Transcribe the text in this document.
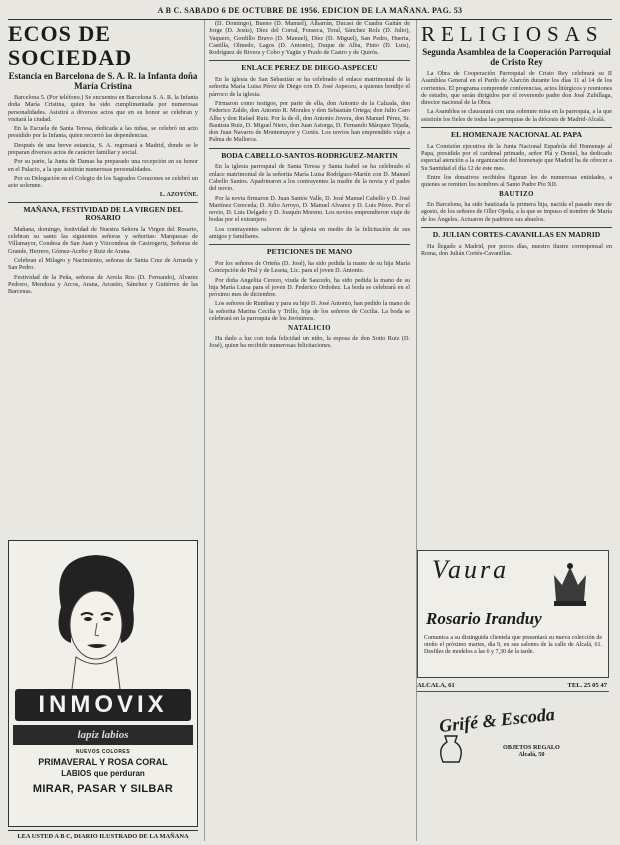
A B C. SABADO 6 DE OCTUBRE DE 1956. EDICION DE LA MAÑANA. PAG. 53
ECOS DE SOCIEDAD
Estancia en Barcelona de S. A. R. la Infanta doña María Cristina

Barcelona 5. (Por teléfono.) Se encuentra en Barcelona S. A. R. la Infanta doña María Cristina, quien ha sido cumplimentada por numerosas personalidades. Asistirá a diversos actos que en su honor se celebran y visitará la ciudad.

En la Escuela de Santa Teresa, dedicada a las niñas, se celebró un acto presidido por la Infanta, quien recorrió las dependencias.

Después de una breve estancia, S. A. regresará a Madrid, donde se le preparan diversos actos de carácter familiar y social.

Por su parte, la Junta de Damas ha preparado una recepción en su honor en el Palacio, a la que asistirán numerosas personalidades.

Por su Delegación en el Colegio de los Sagrados Corazones se celebró un acto solemne.

L. AZOYÚNE.
MAÑANA, FESTIVIDAD DE LA VIRGEN DEL ROSARIO

Mañana, domingo, festividad de Nuestra Señora la Virgen del Rosario, celebran su santo las siguientes señoras y señoritas: Marquesas de Villamayor, Condesa de San Juan y Vizcondesa de Castrogeriz, Señoras de Grande, Herrero, Gómez-Acebo y Ruiz de Arana.

Celebran el Milagro y Nacimiento, señoras de Santa Cruz de Arrueda y San Pedro.

Festividad de la Peña, señoras de Arrola Ros (D. Fernando), Alvarez Pedrero, Mendoza y Arcos, Arana, Arrastio, Sánchez y Gutiérrez de las Barcenas.

INMOVIX
lapiz labios
NUEVOS COLORES
PRIMAVERAL Y ROSA CORAL
LABIOS que perduran
MIRAR, PASAR Y SILBAR
LEA USTED A B C, DIARIO ILUSTRADO DE LA MAÑANA

(D. Domingo), Bueno (D. Manuel), Albarrán, Ducasi de Cuadra Gaitán de Jorge (D. Jesús), Díez del Corral, Fonseca, Toral, Sánchez Rolz (D. Julio), Vaquero, Gordillo Bravo (D. Manuel), Díez (D. Miguel), San Pedro, Huerta, Castilla, Olmedo, Lagos (D. Antonio), Duque de Alba, Pinto (D. Luis), Rodríguez de Rivera y Cobo y Yagüe y Prado de Castro y de Quirós.

ENLACE PEREZ DE DIEGO-ASPECEU

En la iglesia de San Sebastián se ha celebrado el enlace matrimonial de la señorita María Luisa Pérez de Diego con D. José Aspeceu, a quienes bendijo el párroco de la iglesia.

Firmaron como testigos, por parte de ella, don Antonio de la Calzada, don Federico Zaldo, don Antonio R. Morales y don Sebastián Ortega; don Julio Caro Alba y don Rafael Ruiz. Por la de él, don Antonio Jovera, don Manuel Pérez, Sr. Bautista Ruiz, D. Miguel Nieto, don Juan Astorga, D. Fernando Márquez Tejada, don Juan Navarro de Montemayor y Cortés. Los novios han emprendido viaje a Palma de Mallorca.

BODA CABELLO-SANTOS-RODRIGUEZ-MARTIN

En la iglesia parroquial de Santa Teresa y Santa Isabel se ha celebrado el enlace matrimonial de la señorita María Luisa Rodríguez-Martín con D. Manuel Cabello Santos. Apadrinaron a los contrayentes la madre de la novia y el padre del novio.

Por la novia firmaron D. Juan Santos Valle, D. José Manuel Cabello y D. José Martínez Cereceda; D. Julio Arroyo, D. Manuel Alvarez y D. Luis Pérez. Por el novio, D. Luis Delgado y D. Joaquín Moreno. Los novios emprendieron viaje de bodas por el extranjero.

Los contrayentes salieron de la iglesia en medio de la felicitación de sus amigos y familiares.

PETICIONES DE MANO

Por los señores de Orteña (D. José), ha sido pedida la mano de su hija María Concepción de Pral y de Leseta, Lic. para el joven D. Antonio.

Por doña Angelita Cerezo, viuda de Saucedo, ha sido pedida la mano de su hija María Luisa para el joven D. Federico Ordoñez. La boda se celebrará en el próximo mes de diciembre.

Los señores de Rumbau y para su hijo D. José Antonio, han pedido la mano de la señorita Marina Cecilia y Trillo, hija de los señores de Cecilia. La boda se celebrará en la parroquia de los Jerónimos.

NATALICIO

Ha dado a luz con toda felicidad un niño, la esposa de don Sotto Ruiz (D. José), quien ha recibido numerosas felicitaciones.

RELIGIOSAS
Segunda Asamblea de la Cooperación Parroquial de Cristo Rey

La Obra de Cooperación Parroquial de Cristo Rey celebrará su II Asamblea General en el Pardo de Alarcón durante los días 11 al 14 de los corrientes. El programa comprende conferencias, actos litúrgicos y reuniones de estudio, que serán dirigidos por el reverendo padre don José Zubillaga, director nacional de la Obra.

La Asamblea se clausurará con una solemne misa en la parroquia, a la que asistirán los fieles de todas las parroquias de la diócesis de Madrid-Alcalá.

EL HOMENAJE NACIONAL AL PAPA

La Comisión ejecutiva de la Junta Nacional Española del Homenaje al Papa, presidida por el cardenal primado, señor Plá y Deniel, ha dedicado especial atención a la organización del homenaje que Madrid ha de ofrecer a Su Santidad el día 12 de este mes.

Entre los donativos recibidos figuran los de numerosas entidades, a quienes se remiten los nombres al Santo Padre Pío XII.

BAUTIZO

En Barcelona, ha sido bautizada la primera hija, nacida el pasado mes de agosto, de los señores de Oller Ojeda, a la que se impuso el nombre de María de los Ángeles. Actuaron de padrinos sus abuelos.

D. JULIAN CORTES-CAVANILLAS EN MADRID

Ha llegado a Madrid, por pocos días, nuestro ilustre corresponsal en Roma, don Julián Cortés-Cavanillas.

Vaura
Rosario Iranduy
Comunica a su distinguida clientela que presentará su nueva colección de otoño el próximo martes, día 9, en sus salones de la calle de Alcalá, 61. Desfiles de modelos a las 6 y 7,30 de la tarde.
ALCALA, 61	TEL. 25 05 47
Grifé & Escoda
OBJETOS REGALO
Alcalá, 50
